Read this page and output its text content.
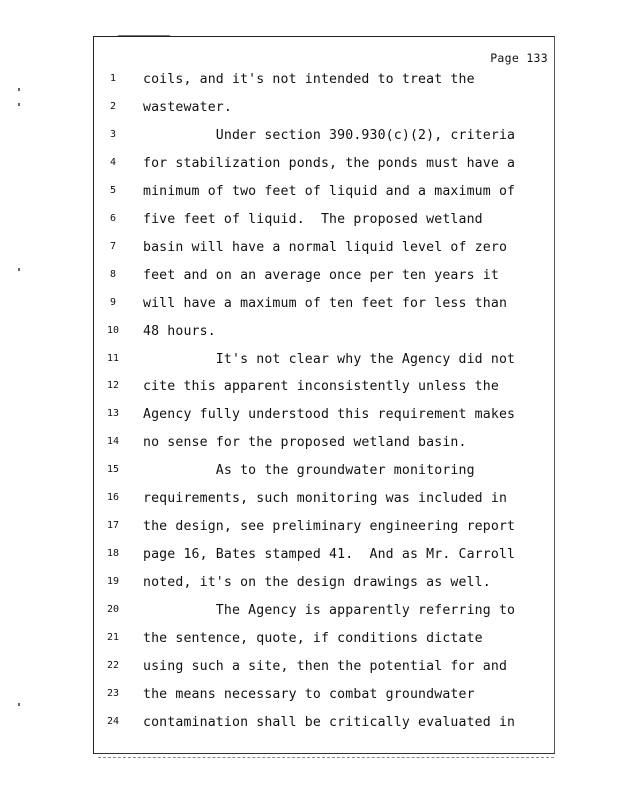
Page 133
1	coils, and it's not intended to treat the
2	wastewater.
3	Under section 390.930(c)(2), criteria
4	for stabilization ponds, the ponds must have a
5	minimum of two feet of liquid and a maximum of
6	five feet of liquid.  The proposed wetland
7	basin will have a normal liquid level of zero
8	feet and on an average once per ten years it
9	will have a maximum of ten feet for less than
10 48 hours.
11 It's not clear why the Agency did not
12 cite this apparent inconsistently unless the
13 Agency fully understood this requirement makes
14 no sense for the proposed wetland basin.
15 As to the groundwater monitoring
16 requirements, such monitoring was included in
17 the design, see preliminary engineering report
18 page 16, Bates stamped 41.  And as Mr. Carroll
19 noted, it's on the design drawings as well.
20 The Agency is apparently referring to
21 the sentence, quote, if conditions dictate
22 using such a site, then the potential for and
23 the means necessary to combat groundwater
24 contamination shall be critically evaluated in
